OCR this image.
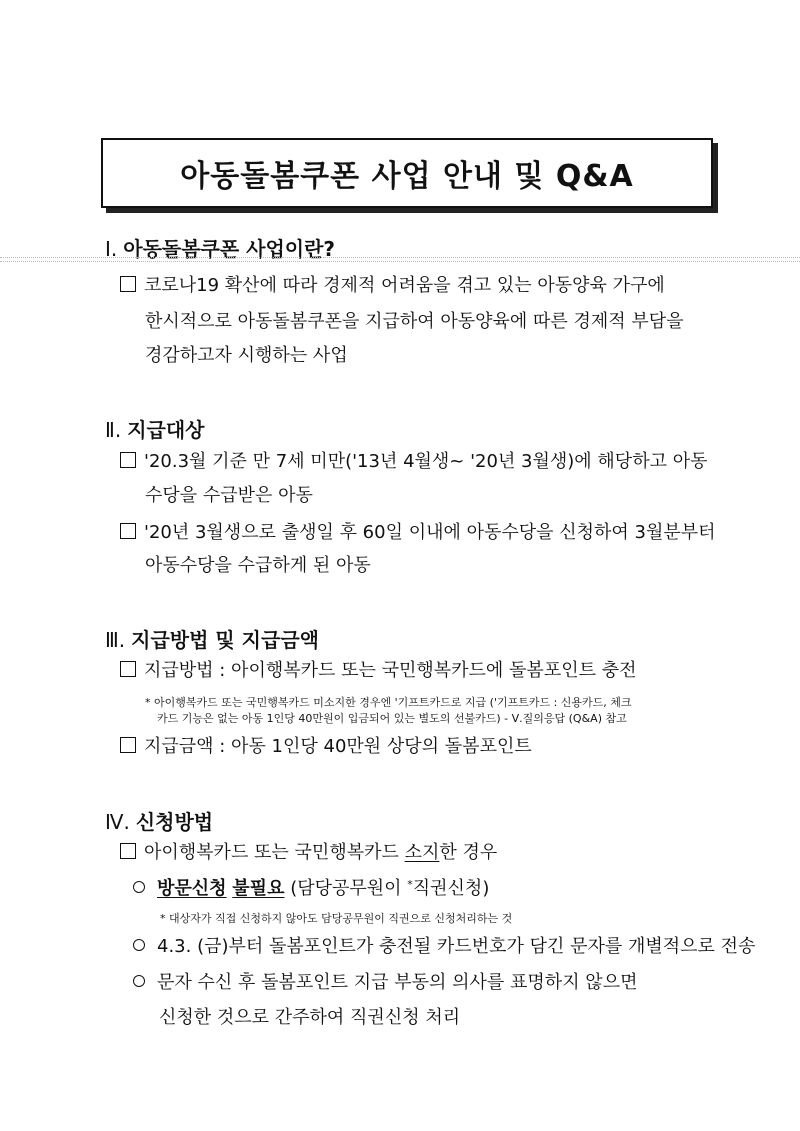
아동돌봄쿠폰 사업 안내 및 Q&A
Ⅰ. 아동돌봄쿠폰 사업이란?
코로나19 확산에 따라 경제적 어려움을 겪고 있는 아동양육 가구에
한시적으로 아동돌봄쿠폰을 지급하여 아동양육에 따른 경제적 부담을
경감하고자 시행하는 사업
Ⅱ. 지급대상
'20.3월 기준 만 7세 미만('13년 4월생~ '20년 3월생)에 해당하고 아동
수당을 수급받은 아동
'20년 3월생으로 출생일 후 60일 이내에 아동수당을 신청하여 3월분부터
아동수당을 수급하게 된 아동
Ⅲ. 지급방법 및 지급금액
지급방법 : 아이행복카드 또는 국민행복카드에 돌봄포인트 충전
* 아이행복카드 또는 국민행복카드 미소지한 경우엔 '기프트카드로 지급 ('기프트카드 : 신용카드, 체크
카드 기능은 없는 아동 1인당 40만원이 입금되어 있는 별도의 선불카드) - Ⅴ.질의응답 (Q&A) 참고
지급금액 : 아동 1인당 40만원 상당의 돌봄포인트
Ⅳ. 신청방법
아이행복카드 또는 국민행복카드 소지한 경우
방문신청 불필요 (담당공무원이 *직권신청)
* 대상자가 직접 신청하지 않아도 담당공무원이 직권으로 신청처리하는 것
4.3. (금)부터 돌봄포인트가 충전될 카드번호가 담긴 문자를 개별적으로 전송
문자 수신 후 돌봄포인트 지급 부동의 의사를 표명하지 않으면
신청한 것으로 간주하여 직권신청 처리
